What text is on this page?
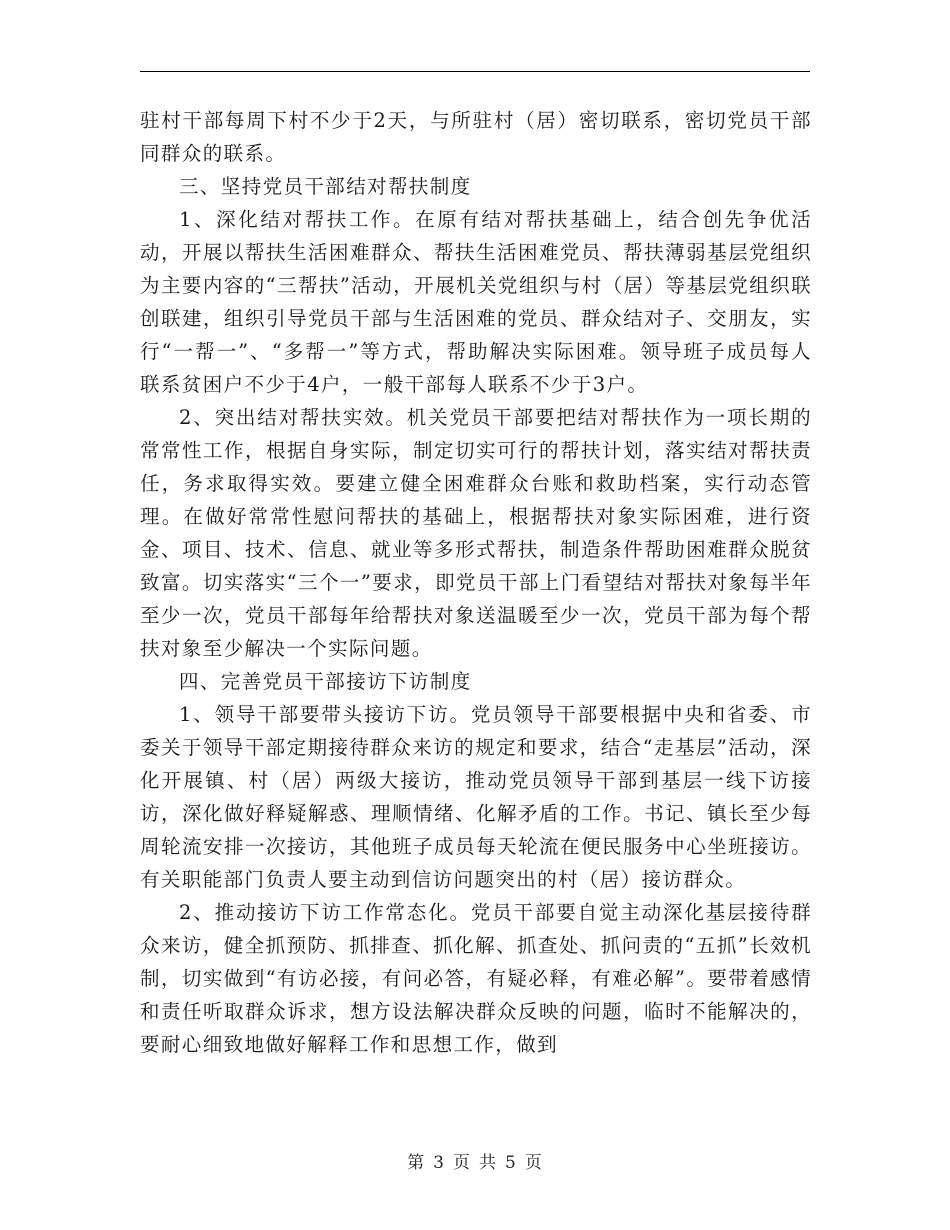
驻村干部每周下村不少于2天，与所驻村（居）密切联系，密切党员干部同群众的联系。

三、坚持党员干部结对帮扶制度

1、深化结对帮扶工作。在原有结对帮扶基础上，结合创先争优活动，开展以帮扶生活困难群众、帮扶生活困难党员、帮扶薄弱基层党组织为主要内容的“三帮扶”活动，开展机关党组织与村（居）等基层党组织联创联建，组织引导党员干部与生活困难的党员、群众结对子、交朋友，实行“一帮一”、“多帮一”等方式，帮助解决实际困难。领导班子成员每人联系贫困户不少于4户，一般干部每人联系不少于3户。

2、突出结对帮扶实效。机关党员干部要把结对帮扶作为一项长期的常常性工作，根据自身实际，制定切实可行的帮扶计划，落实结对帮扶责任，务求取得实效。要建立健全困难群众台账和救助档案，实行动态管理。在做好常常性慰问帮扶的基础上，根据帮扶对象实际困难，进行资金、项目、技术、信息、就业等多形式帮扶，制造条件帮助困难群众脱贫致富。切实落实“三个一”要求，即党员干部上门看望结对帮扶对象每半年至少一次，党员干部每年给帮扶对象送温暖至少一次，党员干部为每个帮扶对象至少解决一个实际问题。

四、完善党员干部接访下访制度

1、领导干部要带头接访下访。党员领导干部要根据中央和省委、市委关于领导干部定期接待群众来访的规定和要求，结合“走基层”活动，深化开展镇、村（居）两级大接访，推动党员领导干部到基层一线下访接访，深化做好释疑解惑、理顺情绪、化解矛盾的工作。书记、镇长至少每周轮流安排一次接访，其他班子成员每天轮流在便民服务中心坐班接访。有关职能部门负责人要主动到信访问题突出的村（居）接访群众。

2、推动接访下访工作常态化。党员干部要自觉主动深化基层接待群众来访，健全抓预防、抓排查、抓化解、抓查处、抓问责的“五抓”长效机制，切实做到“有访必接，有问必答，有疑必释，有难必解”。要带着感情和责任听取群众诉求，想方设法解决群众反映的问题，临时不能解决的，要耐心细致地做好解释工作和思想工作，做到

第 3 页 共 5 页
